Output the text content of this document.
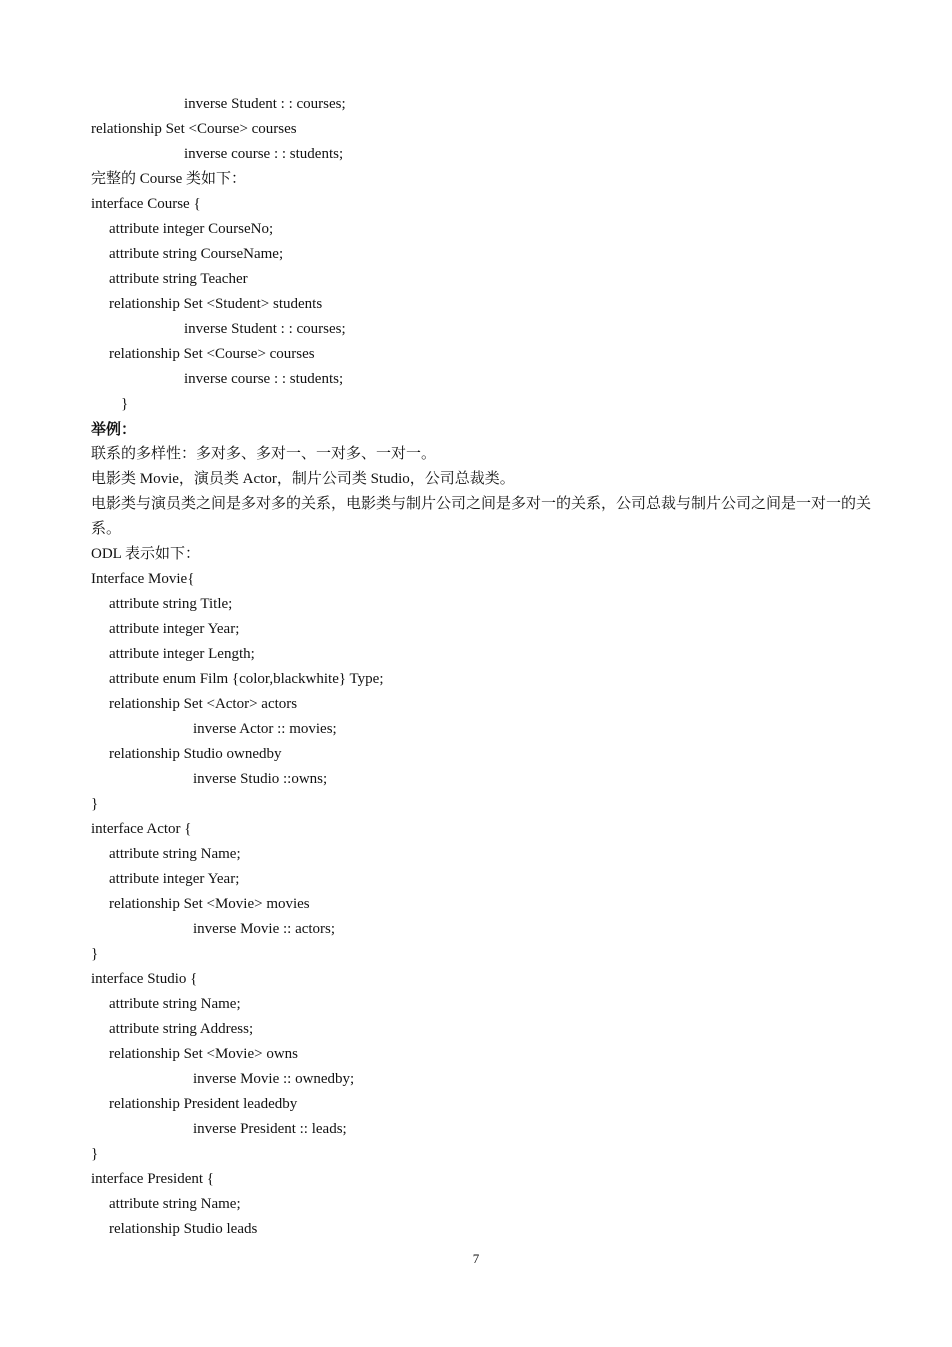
inverse Student : : courses;
relationship Set <Course> courses
inverse course : : students;
完整的 Course 类如下：
interface Course {
attribute integer CourseNo;
attribute string CourseName;
attribute string Teacher
relationship Set <Student> students
inverse Student : : courses;
relationship Set <Course> courses
inverse course : : students;
}
举例：
联系的多样性：多对多、多对一、一对多、一对一。
电影类 Movie，演员类 Actor，制片公司类 Studio，公司总裁类。
电影类与演员类之间是多对多的关系，电影类与制片公司之间是多对一的关系，公司总裁与制片公司之间是一对一的关系。
ODL 表示如下：
Interface Movie{
attribute string Title;
attribute integer Year;
attribute integer Length;
attribute enum Film {color,blackwhite} Type;
relationship Set <Actor> actors
inverse Actor :: movies;
relationship Studio ownedby
inverse Studio ::owns;
}
interface Actor {
attribute string Name;
attribute integer Year;
relationship Set <Movie> movies
inverse Movie :: actors;
}
interface Studio {
attribute string Name;
attribute string Address;
relationship Set <Movie> owns
inverse Movie :: ownedby;
relationship President leadedby
inverse President :: leads;
}
interface President {
attribute string Name;
relationship Studio leads
7
